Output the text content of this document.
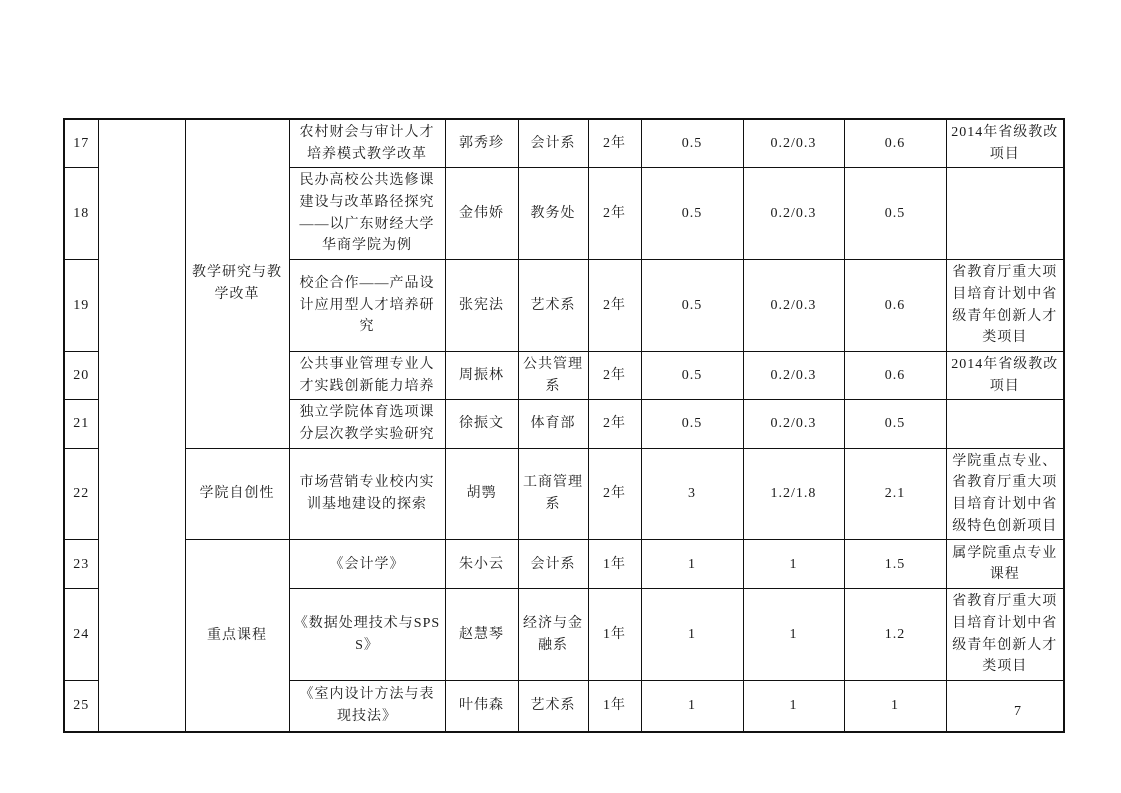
17		教学研究与教学改革	农村财会与审计人才培养模式教学改革	郭秀珍	会计系	2年	0.5	0.2/0.3	0.6	2014年省级教改项目
18			民办高校公共选修课建设与改革路径探究——以广东财经大学华商学院为例	金伟娇	教务处	2年	0.5	0.2/0.3	0.5	
19			校企合作——产品设计应用型人才培养研究	张宪法	艺术系	2年	0.5	0.2/0.3	0.6	省教育厅重大项目培育计划中省级青年创新人才类项目
20			公共事业管理专业人才实践创新能力培养	周振林	公共管理系	2年	0.5	0.2/0.3	0.6	2014年省级教改项目
21			独立学院体育选项课分层次教学实验研究	徐振文	体育部	2年	0.5	0.2/0.3	0.5	
22		学院自创性	市场营销专业校内实训基地建设的探索	胡鹗	工商管理系	2年	3	1.2/1.8	2.1	学院重点专业、省教育厅重大项目培育计划中省级特色创新项目
23		重点课程	《会计学》	朱小云	会计系	1年	1	1	1.5	属学院重点专业课程
24			《数据处理技术与SPSS》	赵慧琴	经济与金融系	1年	1	1	1.2	省教育厅重大项目培育计划中省级青年创新人才类项目
25			《室内设计方法与表现技法》	叶伟森	艺术系	1年	1	1	1		7
